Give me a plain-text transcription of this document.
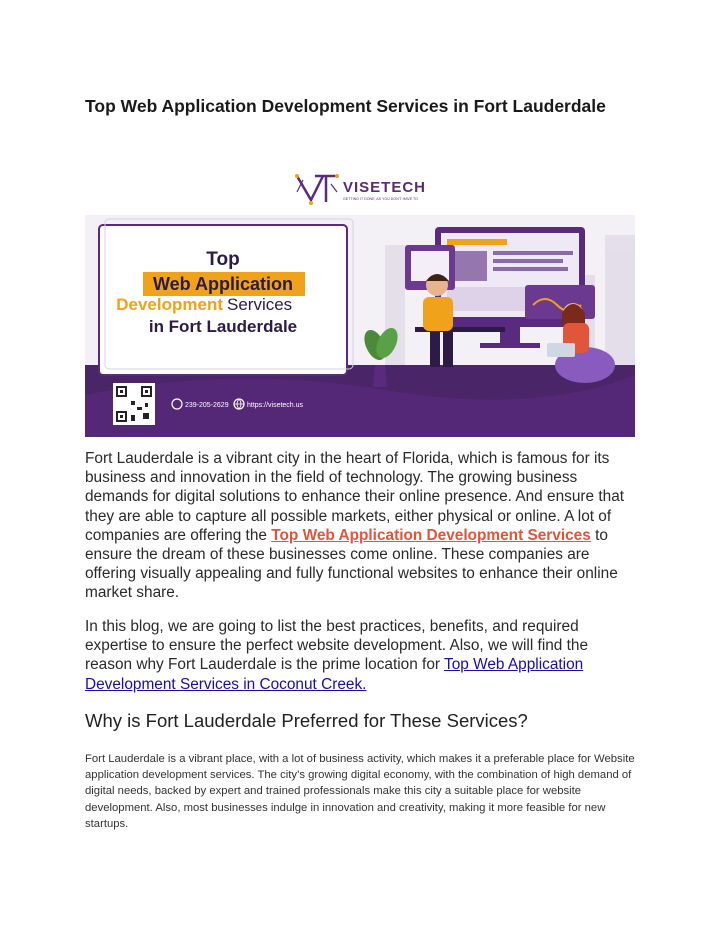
Top Web Application Development Services in Fort Lauderdale
VISETECH
GETTING IT DONE, AS YOU DON'T HAVE TO
Top
Web Application
Development Services
in Fort Lauderdale
239-205-2629	https://visetech.us

Fort Lauderdale is a vibrant city in the heart of Florida, which is famous for its business and innovation in the field of technology. The growing business demands for digital solutions to enhance their online presence. And ensure that they are able to capture all possible markets, either physical or online. A lot of companies are offering the Top Web Application Development Services to ensure the dream of these businesses come online. These companies are offering visually appealing and fully functional websites to enhance their online market share.

In this blog, we are going to list the best practices, benefits, and required expertise to ensure the perfect website development. Also, we will find the reason why Fort Lauderdale is the prime location for Top Web Application Development Services in Coconut Creek.

Why is Fort Lauderdale Preferred for These Services?

Fort Lauderdale is a vibrant place, with a lot of business activity, which makes it a preferable place for Website application development services. The city’s growing digital economy, with the combination of high demand of digital needs, backed by expert and trained professionals make this city a suitable place for website development. Also, most businesses indulge in innovation and creativity, making it more feasible for new startups.
